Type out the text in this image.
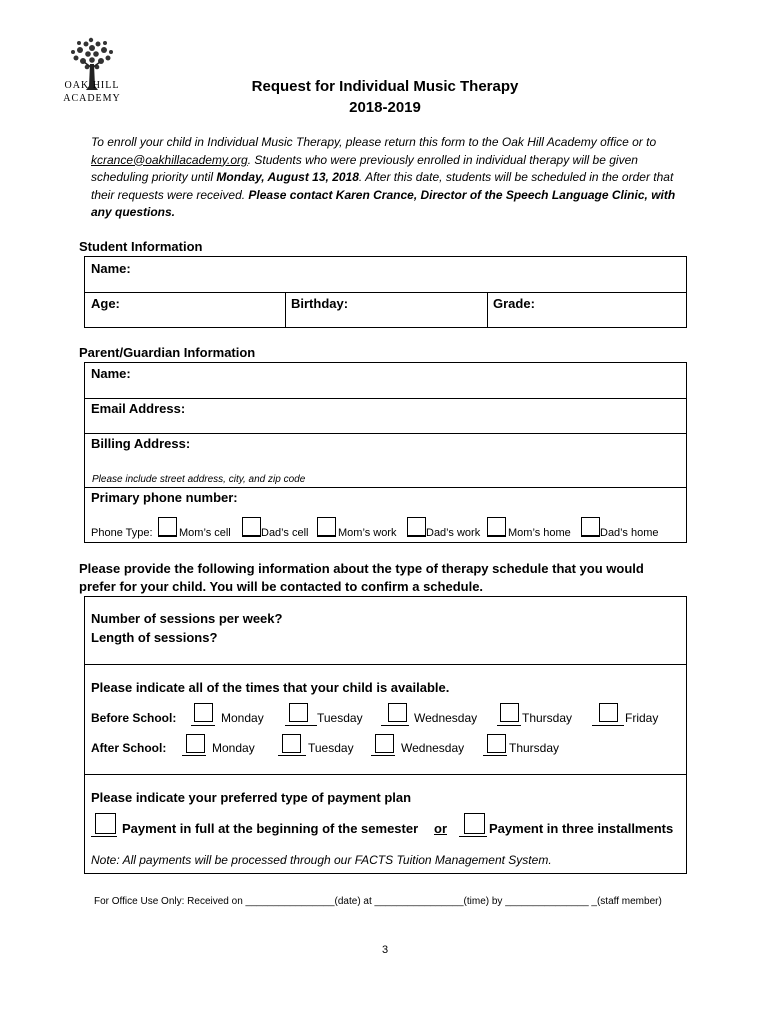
OAK HILL
ACADEMY
Request for Individual Music Therapy
2018-2019
To enroll your child in Individual Music Therapy, please return this form to the Oak Hill Academy office or to kcrance@oakhillacademy.org. Students who were previously enrolled in individual therapy will be given scheduling priority until Monday, August 13, 2018. After this date, students will be scheduled in the order that their requests were received. Please contact Karen Crance, Director of the Speech Language Clinic, with any questions.
Student Information
Name:
Age:	Birthday:	Grade:
Parent/Guardian Information
Name:
Email Address:
Billing Address:
Please include street address, city, and zip code
Primary phone number:
Phone Type: Mom’s cell	Dad’s cell	Mom’s work	Dad’s work	Mom’s home	Dad’s home
Please provide the following information about the type of therapy schedule that you would
prefer for your child. You will be contacted to confirm a schedule.
Number of sessions per week?
Length of sessions?
Please indicate all of the times that your child is available.
Before School:	Monday	Tuesday	Wednesday	Thursday	Friday
After School:	Monday	Tuesday	Wednesday	Thursday
Please indicate your preferred type of payment plan
Payment in full at the beginning of the semester or	Payment in three installments
Note: All payments will be processed through our FACTS Tuition Management System.
For Office Use Only: Received on ________________(date) at ________________(time) by _______________ _(staff member)
3
